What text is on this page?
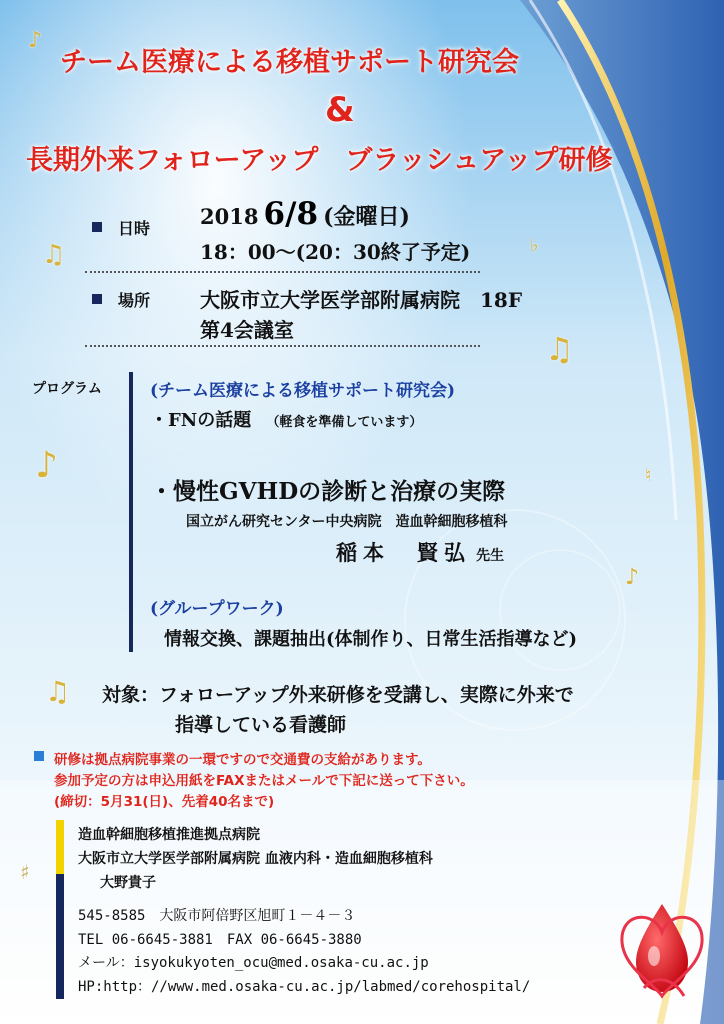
♪
♫	♭
♫
♪	♮
♪
♫
♯
チーム医療による移植サポート研究会
&
長期外来フォローアップ　ブラッシュアップ研修
日時 2018 6/8 (金曜日)
18：00～(20：30終了予定)
場所 大阪市立大学医学部附属病院　18F
第4会議室
プログラム	(チーム医療による移植サポート研究会)
・FNの話題 （軽食を準備しています）
・慢性GVHDの診断と治療の実際
国立がん研究センター中央病院　造血幹細胞移植科
稲本　賢弘 先生
(グループワーク)
情報交換、課題抽出(体制作り、日常生活指導など)
対象：フォローアップ外来研修を受講し、実際に外来で
指導している看護師
研修は拠点病院事業の一環ですので交通費の支給があります。
参加予定の方は申込用紙をFAXまたはメールで下記に送って下さい。
(締切：5月31(日)、先着40名まで)
造血幹細胞移植推進拠点病院
大阪市立大学医学部附属病院 血液内科・造血細胞移植科
大野貴子
545-8585　大阪市阿倍野区旭町１－４－３
TEL 06-6645-3881　FAX 06-6645-3880
メール：isyokukyoten_ocu@med.osaka-cu.ac.jp
HP:http：//www.med.osaka-cu.ac.jp/labmed/corehospital/
